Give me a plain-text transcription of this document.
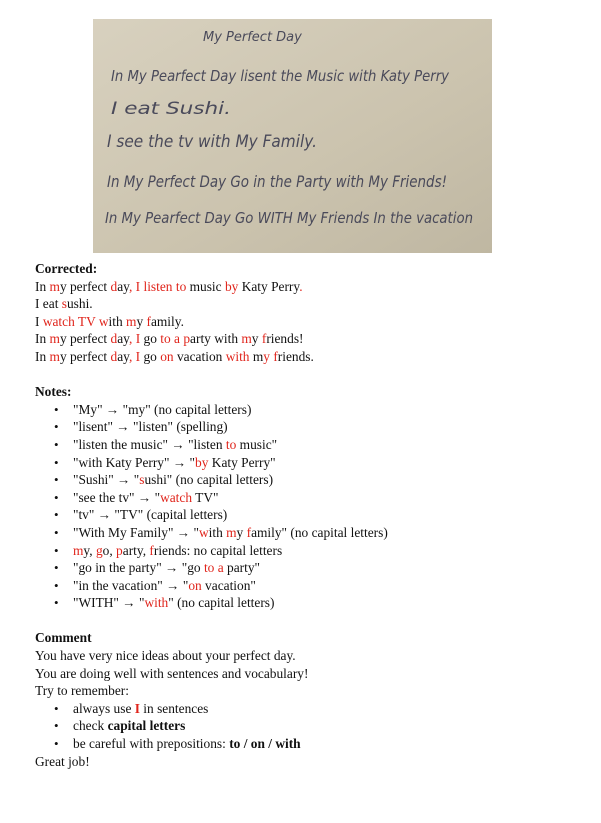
My Perfect Day
In My Pearfect Day lisent the Music with Katy Perry
I eat Sushi.
I see the tv with My Family.
In My Perfect Day Go in the Party with My Friends!
In My Pearfect Day Go WITH My Friends In the vacation
Corrected:
In my perfect day, I listen to music by Katy Perry.
I eat sushi.
I watch TV with my family.
In my perfect day, I go to a party with my friends!
In my perfect day, I go on vacation with my friends.
Notes:
• "My" → "my" (no capital letters)
• "lisent" → "listen" (spelling)
• "listen the music" → "listen to music"
• "with Katy Perry" → "by Katy Perry"
• "Sushi" → "sushi" (no capital letters)
• "see the tv" → "watch TV"
• "tv" → "TV" (capital letters)
• "With My Family" → "with my family" (no capital letters)
• my, go, party, friends: no capital letters
• "go in the party" → "go to a party"
• "in the vacation" → "on vacation"
• "WITH" → "with" (no capital letters)
Comment
You have very nice ideas about your perfect day.
You are doing well with sentences and vocabulary!
Try to remember:
• always use I in sentences
• check capital letters
• be careful with prepositions: to / on / with
Great job!
